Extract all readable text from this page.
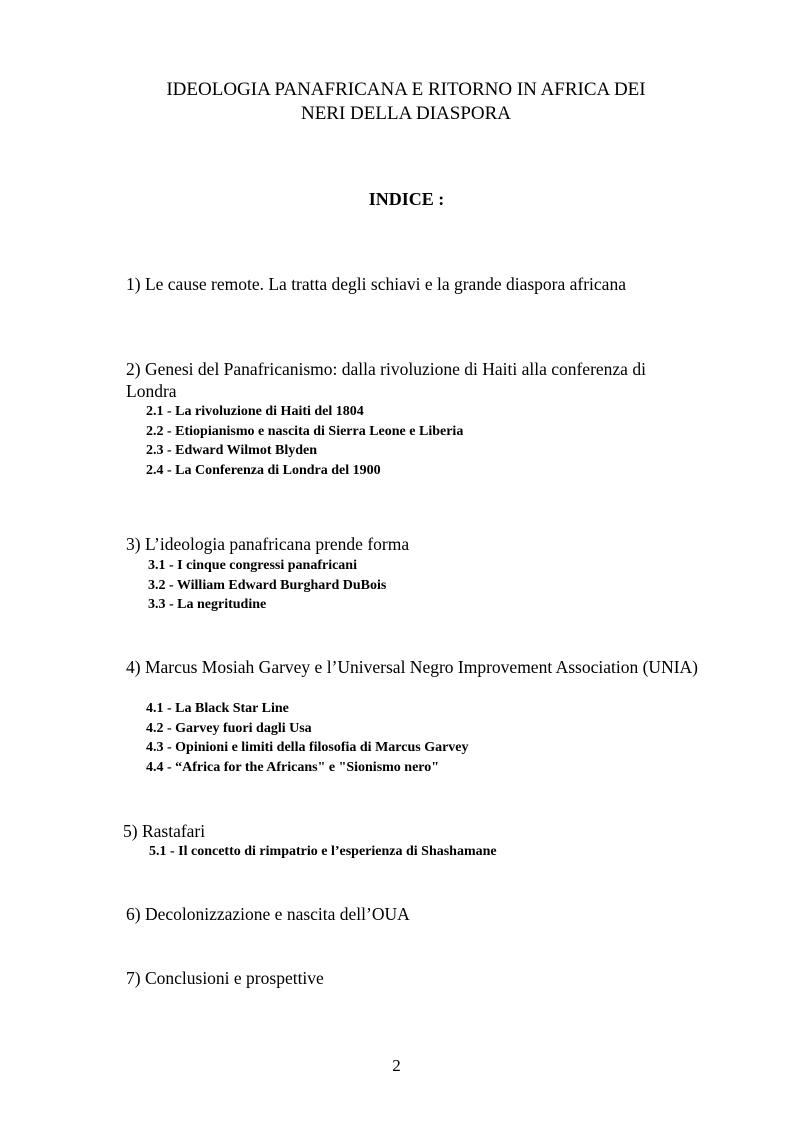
IDEOLOGIA PANAFRICANA E RITORNO IN AFRICA DEI
NERI DELLA DIASPORA
INDICE :

1) Le cause remote. La tratta degli schiavi e la grande diaspora africana

2) Genesi del Panafricanismo: dalla rivoluzione di Haiti alla conferenza di Londra

2.1 - La rivoluzione di Haiti del 1804
2.2 - Etiopianismo e nascita di Sierra Leone e Liberia
2.3 - Edward Wilmot Blyden
2.4 - La Conferenza di Londra del 1900

3) L’ideologia panafricana prende forma

3.1 - I cinque congressi panafricani
3.2 - William Edward Burghard DuBois
3.3 - La negritudine

4) Marcus Mosiah Garvey e l’Universal Negro Improvement Association (UNIA)

4.1 - La Black Star Line
4.2 - Garvey fuori dagli Usa
4.3 - Opinioni e limiti della filosofia di Marcus Garvey
4.4 - “Africa for the Africans" e "Sionismo nero"

5) Rastafari

5.1 - Il concetto di rimpatrio e l’esperienza di Shashamane

6) Decolonizzazione e nascita dell’OUA

7) Conclusioni e prospettive

2
